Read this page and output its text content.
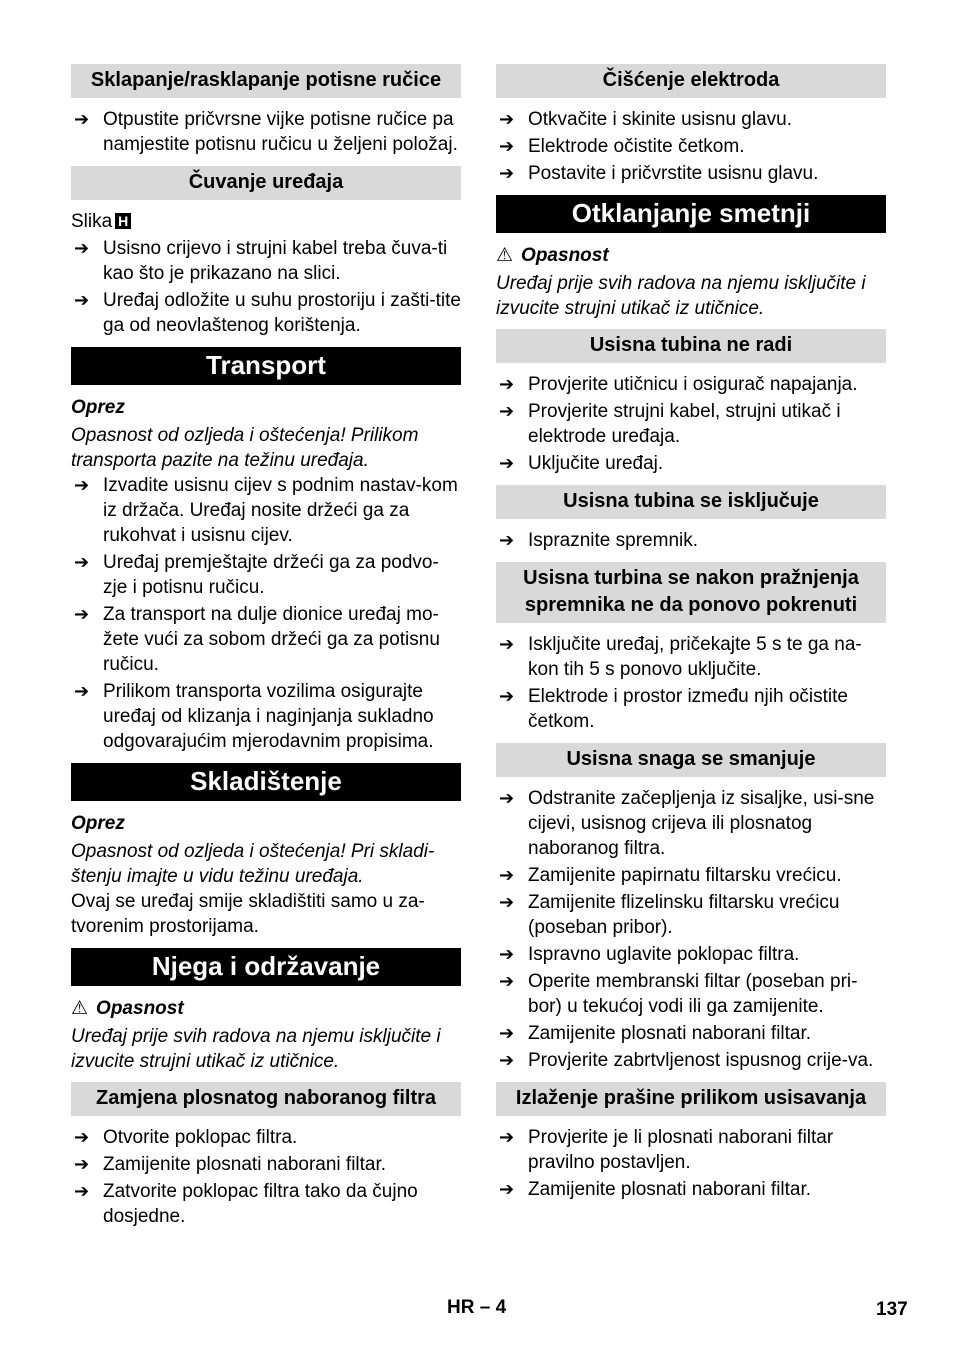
Sklapanje/rasklapanje potisne ručice
➔ Otpustite pričvrsne vijke potisne ručice pa namjestite potisnu ručicu u željeni položaj.
Čuvanje uređaja

Slika H

➔ Usisno crijevo i strujni kabel treba čuva-ti kao što je prikazano na slici.
➔ Uređaj odložite u suhu prostoriju i zašti-tite ga od neovlaštenog korištenja.
Transport

Oprez

Opasnost od ozljeda i oštećenja! Prilikom transporta pazite na težinu uređaja.

➔ Izvadite usisnu cijev s podnim nastav-kom iz držača. Uređaj nosite držeći ga za rukohvat i usisnu cijev.
➔ Uređaj premještajte držeći ga za podvo-zje i potisnu ručicu.
➔ Za transport na dulje dionice uređaj mo-žete vući za sobom držeći ga za potisnu ručicu.
➔ Prilikom transporta vozilima osigurajte uređaj od klizanja i naginjanja sukladno odgovarajućim mjerodavnim propisima.
Skladištenje

Oprez

Opasnost od ozljeda i oštećenja! Pri skladi-štenju imajte u vidu težinu uređaja.

Ovaj se uređaj smije skladištiti samo u za-tvorenim prostorijama.

Njega i održavanje

⚠ Opasnost

Uređaj prije svih radova na njemu isključite i izvucite strujni utikač iz utičnice.

Zamjena plosnatog naboranog filtra
➔ Otvorite poklopac filtra.
➔ Zamijenite plosnati naborani filtar.
➔ Zatvorite poklopac filtra tako da čujno dosjedne.
Čišćenje elektroda
➔ Otkvačite i skinite usisnu glavu.
➔ Elektrode očistite četkom.
➔ Postavite i pričvrstite usisnu glavu.
Otklanjanje smetnji

⚠ Opasnost

Uređaj prije svih radova na njemu isključite i izvucite strujni utikač iz utičnice.

Usisna tubina ne radi
➔ Provjerite utičnicu i osigurač napajanja.
➔ Provjerite strujni kabel, strujni utikač i elektrode uređaja.
➔ Uključite uređaj.
Usisna tubina se isključuje
➔ Ispraznite spremnik.
Usisna turbina se nakon pražnjenja spremnika ne da ponovo pokrenuti
➔ Isključite uređaj, pričekajte 5 s te ga na-kon tih 5 s ponovo uključite.
➔ Elektrode i prostor između njih očistite četkom.
Usisna snaga se smanjuje
➔ Odstranite začepljenja iz sisaljke, usi-sne cijevi, usisnog crijeva ili plosnatog naboranog filtra.
➔ Zamijenite papirnatu filtarsku vrećicu.
➔ Zamijenite flizelinsku filtarsku vrećicu (poseban pribor).
➔ Ispravno uglavite poklopac filtra.
➔ Operite membranski filtar (poseban pri-bor) u tekućoj vodi ili ga zamijenite.
➔ Zamijenite plosnati naborani filtar.
➔ Provjerite zabrtvljenost ispusnog crije-va.
Izlaženje prašine prilikom usisavanja
➔ Provjerite je li plosnati naborani filtar pravilno postavljen.
➔ Zamijenite plosnati naborani filtar.
HR – 4	137
